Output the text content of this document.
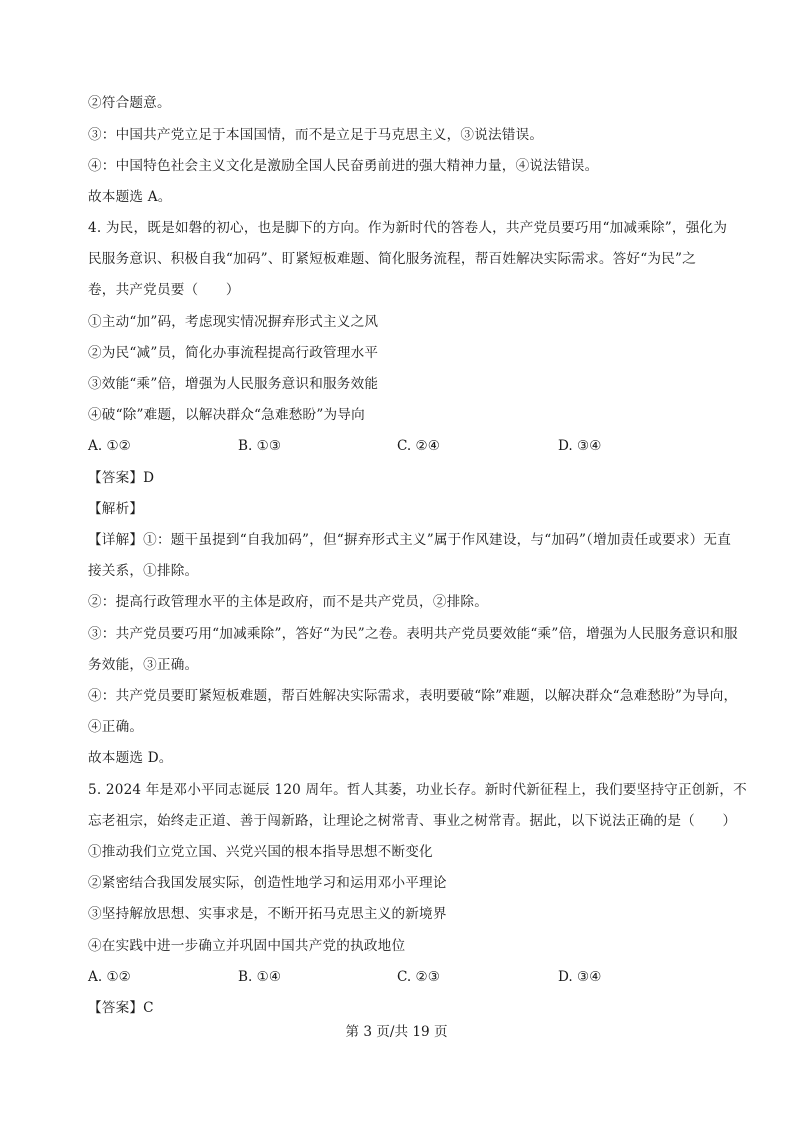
②符合题意。
③：中国共产党立足于本国国情，而不是立足于马克思主义，③说法错误。
④：中国特色社会主义文化是激励全国人民奋勇前进的强大精神力量，④说法错误。
故本题选 A。
4. 为民，既是如磐的初心，也是脚下的方向。作为新时代的答卷人，共产党员要巧用“加减乘除”，强化为
民服务意识、积极自我“加码”、盯紧短板难题、简化服务流程，帮百姓解决实际需求。答好“为民”之
卷，共产党员要（　　）
①主动“加”码，考虑现实情况摒弃形式主义之风
②为民“减”员，简化办事流程提高行政管理水平
③效能“乘”倍，增强为人民服务意识和服务效能
④破“除”难题，以解决群众“急难愁盼”为导向
A. ①②	B. ①③	C. ②④	D. ③④
【答案】D
【解析】
【详解】①：题干虽提到“自我加码”，但“摒弃形式主义”属于作风建设，与“加码”（增加责任或要求）无直
接关系，①排除。
②：提高行政管理水平的主体是政府，而不是共产党员，②排除。
③：共产党员要巧用“加减乘除”，答好“为民”之卷。表明共产党员要效能“乘”倍，增强为人民服务意识和服
务效能，③正确。
④：共产党员要盯紧短板难题，帮百姓解决实际需求，表明要破“除”难题，以解决群众“急难愁盼”为导向，
④正确。
故本题选 D。
5. 2024 年是邓小平同志诞辰 120 周年。哲人其萎，功业长存。新时代新征程上，我们要坚持守正创新，不
忘老祖宗，始终走正道、善于闯新路，让理论之树常青、事业之树常青。据此，以下说法正确的是（　　）
①推动我们立党立国、兴党兴国的根本指导思想不断变化
②紧密结合我国发展实际，创造性地学习和运用邓小平理论
③坚持解放思想、实事求是，不断开拓马克思主义的新境界
④在实践中进一步确立并巩固中国共产党的执政地位
A. ①②	B. ①④	C. ②③	D. ③④
【答案】C
第 3 页/共 19 页
